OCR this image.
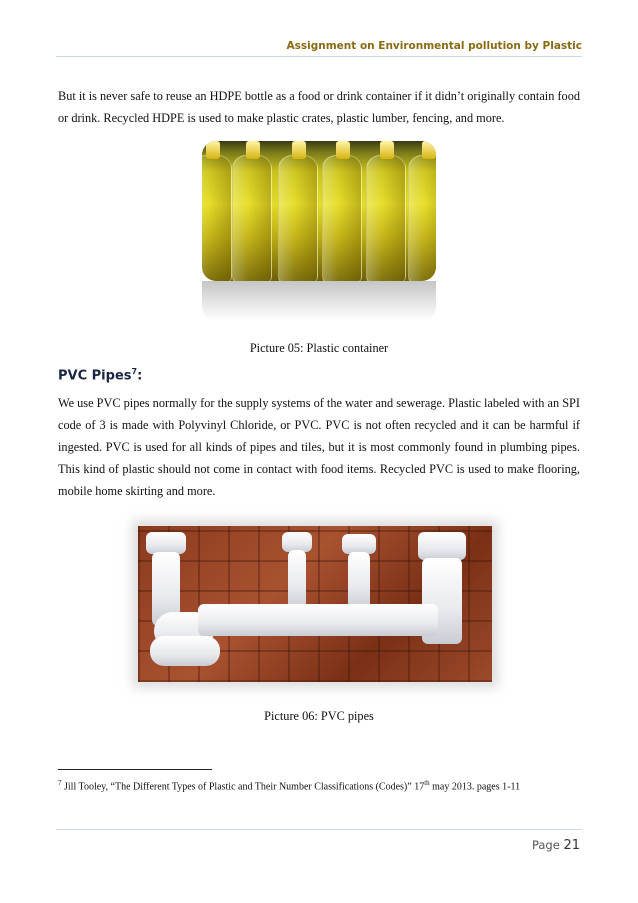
Assignment on Environmental pollution by Plastic

But it is never safe to reuse an HDPE bottle as a food or drink container if it didn’t originally contain food or drink. Recycled HDPE is used to make plastic crates, plastic lumber, fencing, and more.

Picture 05: Plastic container
PVC Pipes$^7$:

We use PVC pipes normally for the supply systems of the water and sewerage. Plastic labeled with an SPI code of 3 is made with Polyvinyl Chloride, or PVC. PVC is not often recycled and it can be harmful if ingested. PVC is used for all kinds of pipes and tiles, but it is most commonly found in plumbing pipes. This kind of plastic should not come in contact with food items. Recycled PVC is used to make flooring, mobile home skirting and more.

Picture 06: PVC pipes
$^7$ Jill Tooley, “The Different Types of Plastic and Their Number Classifications (Codes)” 17th may 2013. pages 1-11
Page 21
